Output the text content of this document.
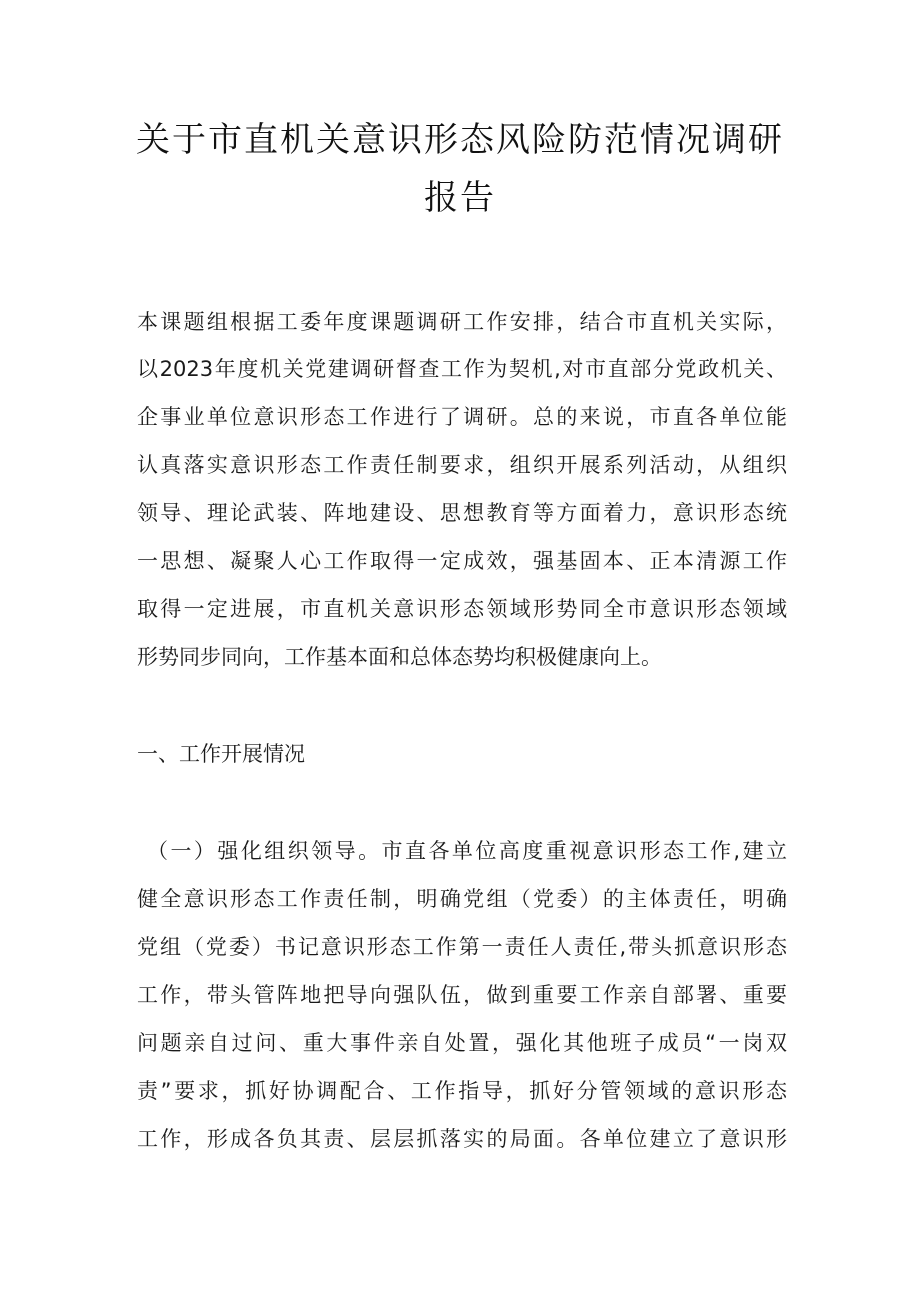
关于市直机关意识形态风险防范情况调研
报告
本课题组根据工委年度课题调研工作安排，结合市直机关实际，
以2023年度机关党建调研督查工作为契机,对市直部分党政机关、
企事业单位意识形态工作进行了调研。总的来说，市直各单位能
认真落实意识形态工作责任制要求，组织开展系列活动，从组织
领导、理论武装、阵地建设、思想教育等方面着力，意识形态统
一思想、凝聚人心工作取得一定成效，强基固本、正本清源工作
取得一定进展，市直机关意识形态领域形势同全市意识形态领域
形势同步同向，工作基本面和总体态势均积极健康向上。
一、工作开展情况
（一）强化组织领导。市直各单位高度重视意识形态工作,建立
健全意识形态工作责任制，明确党组（党委）的主体责任，明确
党组（党委）书记意识形态工作第一责任人责任,带头抓意识形态
工作，带头管阵地把导向强队伍，做到重要工作亲自部署、重要
问题亲自过问、重大事件亲自处置，强化其他班子成员“一岗双
责”要求，抓好协调配合、工作指导，抓好分管领域的意识形态
工作，形成各负其责、层层抓落实的局面。各单位建立了意识形
